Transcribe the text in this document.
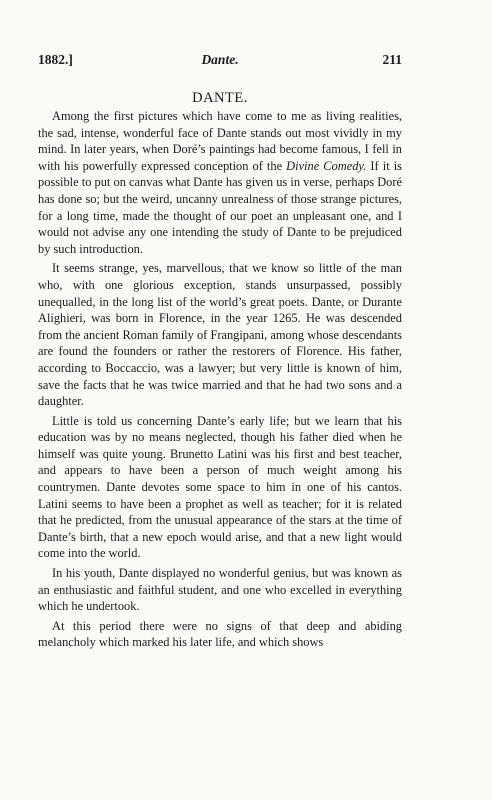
1882.]	Dante.	211
DANTE.

Among the first pictures which have come to me as living realities, the sad, intense, wonderful face of Dante stands out most vividly in my mind. In later years, when Doré’s paintings had become famous, I fell in with his powerfully expressed conception of the Divine Comedy. If it is possible to put on canvas what Dante has given us in verse, perhaps Doré has done so; but the weird, uncanny unrealness of those strange pictures, for a long time, made the thought of our poet an unpleasant one, and I would not advise any one intending the study of Dante to be prejudiced by such introduction.

It seems strange, yes, marvellous, that we know so little of the man who, with one glorious exception, stands unsurpassed, possibly unequalled, in the long list of the world’s great poets. Dante, or Durante Alighieri, was born in Florence, in the year 1265. He was descended from the ancient Roman family of Frangipani, among whose descendants are found the founders or rather the restorers of Florence. His father, according to Boccaccio, was a lawyer; but very little is known of him, save the facts that he was twice married and that he had two sons and a daughter.

Little is told us concerning Dante’s early life; but we learn that his education was by no means neglected, though his father died when he himself was quite young. Brunetto Latini was his first and best teacher, and appears to have been a person of much weight among his countrymen. Dante devotes some space to him in one of his cantos. Latini seems to have been a prophet as well as teacher; for it is related that he predicted, from the unusual appearance of the stars at the time of Dante’s birth, that a new epoch would arise, and that a new light would come into the world.

In his youth, Dante displayed no wonderful genius, but was known as an enthusiastic and faithful student, and one who excelled in everything which he undertook.

At this period there were no signs of that deep and abiding melancholy which marked his later life, and which shows
